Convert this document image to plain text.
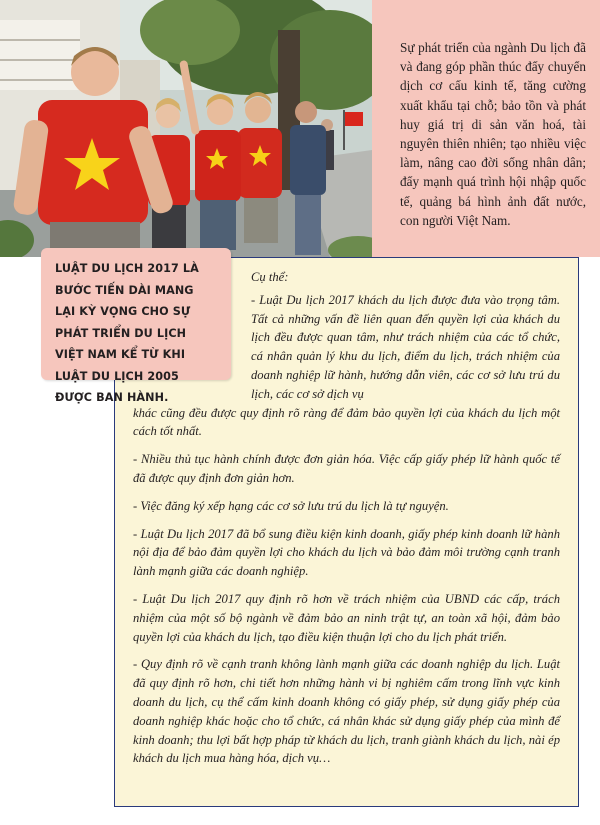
Sự phát triển của ngành Du lịch đã và đang góp phần thúc đẩy chuyển dịch cơ cấu kinh tế, tăng cường xuất khẩu tại chỗ; bảo tồn và phát huy giá trị di sản văn hoá, tài nguyên thiên nhiên; tạo nhiều việc làm, nâng cao đời sống nhân dân; đẩy mạnh quá trình hội nhập quốc tế, quảng bá hình ảnh đất nước, con người Việt Nam.

Cụ thể:

- Luật Du lịch 2017 khách du lịch được đưa vào trọng tâm. Tất cả những vấn đề liên quan đến quyền lợi của khách du lịch đều được quan tâm, như trách nhiệm của các tổ chức, cá nhân quản lý khu du lịch, điểm du lịch, trách nhiệm của doanh nghiệp lữ hành, hướng dẫn viên, các cơ sở lưu trú du lịch, các cơ sở dịch vụ

khác cũng đều được quy định rõ ràng để đảm bảo quyền lợi của khách du lịch một cách tốt nhất.

- Nhiều thủ tục hành chính được đơn giản hóa. Việc cấp giấy phép lữ hành quốc tế đã được quy định đơn giản hơn.

- Việc đăng ký xếp hạng các cơ sở lưu trú du lịch là tự nguyện.

- Luật Du lịch 2017 đã bổ sung điều kiện kinh doanh, giấy phép kinh doanh lữ hành nội địa để bảo đảm quyền lợi cho khách du lịch và bảo đảm môi trường cạnh tranh lành mạnh giữa các doanh nghiệp.

- Luật Du lịch 2017 quy định rõ hơn về trách nhiệm của UBND các cấp, trách nhiệm của một số bộ ngành về đảm bảo an ninh trật tự, an toàn xã hội, đảm bảo quyền lợi của khách du lịch, tạo điều kiện thuận lợi cho du lịch phát triển.

- Quy định rõ về cạnh tranh không lành mạnh giữa các doanh nghiệp du lịch. Luật đã quy định rõ hơn, chi tiết hơn những hành vi bị nghiêm cấm trong lĩnh vực kinh doanh du lịch, cụ thể cấm kinh doanh không có giấy phép, sử dụng giấy phép của doanh nghiệp khác hoặc cho tổ chức, cá nhân khác sử dụng giấy phép của mình để kinh doanh; thu lợi bất hợp pháp từ khách du lịch, tranh giành khách du lịch, nài ép khách du lịch mua hàng hóa, dịch vụ…

LUẬT DU LỊCH 2017 LÀ BƯỚC TIẾN DÀI MANG LẠI KỲ VỌNG CHO SỰ PHÁT TRIỂN DU LỊCH VIỆT NAM KỂ TỪ KHI LUẬT DU LỊCH 2005 ĐƯỢC BAN HÀNH.
